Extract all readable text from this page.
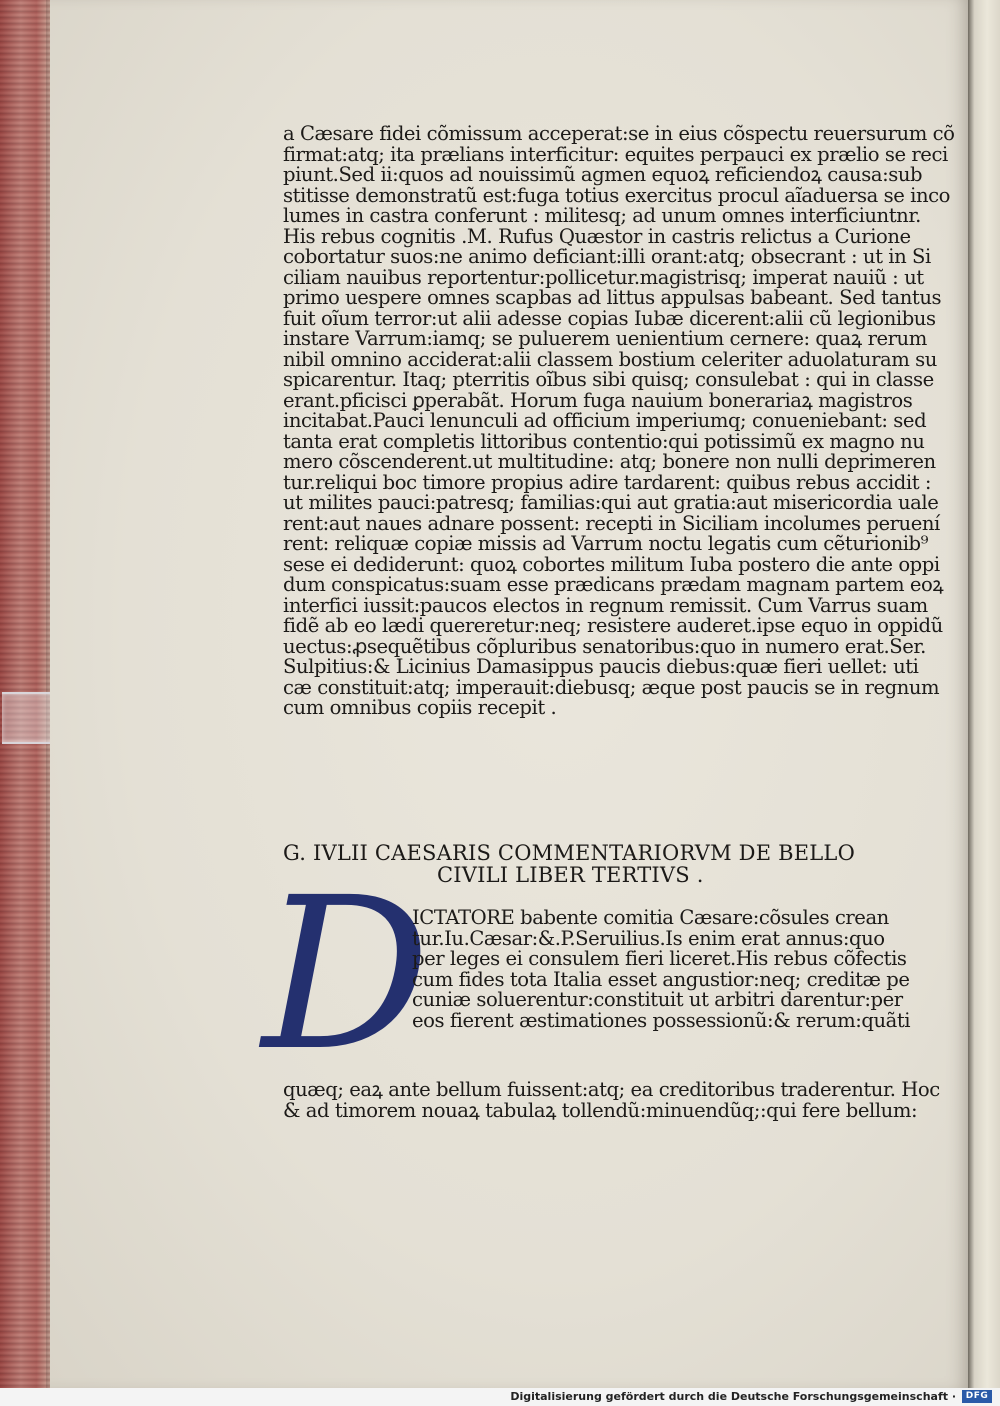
a Cæsare fidei cõmissum acceperat:se in eius cõspectu reuersurum cõ
firmat:atq; ita prælians interficitur: equites perpauci ex prælio se reci
piunt.Sed ii:quos ad nouissimũ agmen equoꝝ reficiendoꝝ causa:sub
stitisse demonstratũ est:fuga totius exercitus procul aĩaduersa se inco
lumes in castra conferunt : militesq; ad unum omnes interficiuntnr.
His rebus cognitis .M. Rufus Quæstor in castris relictus a Curione
cobortatur suos:ne animo deficiant:illi orant:atq; obsecrant : ut in Si
ciliam nauibus reportentur:pollicetur.magistrisq; imperat nauiũ : ut
primo uespere omnes scapbas ad littus appulsas babeant. Sed tantus
fuit oĩum terror:ut alii adesse copias Iubæ dicerent:alii cũ legionibus
instare Varrum:iamq; se puluerem uenientium cernere: quaꝝ rerum
nibil omnino acciderat:alii classem bostium celeriter aduolaturam su
spicarentur. Itaq; pterritis oĩbus sibi quisq; consulebat : qui in classe
erant.pficisci ꝑperabãt. Horum fuga nauium bonerariaꝝ magistros
incitabat.Pauci lenunculi ad officium imperiumq; conueniebant: sed
tanta erat completis littoribus contentio:qui potissimũ ex magno nu
mero cõscenderent.ut multitudine: atq; bonere non nulli deprimeren
tur.reliqui boc timore propius adire tardarent: quibus rebus accidit :
ut milites pauci:patresq; familias:qui aut gratia:aut misericordia uale
rent:aut naues adnare possent: recepti in Siciliam incolumes peruení
rent: reliquæ copiæ missis ad Varrum noctu legatis cum cẽturionib⁹
sese ei dediderunt: quoꝝ cobortes militum Iuba postero die ante oppi
dum conspicatus:suam esse prædicans prædam magnam partem eoꝝ
interfici iussit:paucos electos in regnum remissit. Cum Varrus suam
fidẽ ab eo lædi quereretur:neq; resistere auderet.ipse equo in oppidũ
uectus:ꝓsequẽtibus cõpluribus senatoribus:quo in numero erat.Ser.
Sulpitius:& Licinius Damasippus paucis diebus:quæ fieri uellet: uti
cæ constituit:atq; imperauit:diebusq; æque post paucis se in regnum
cum omnibus copiis recepit .
G. IVLII CAESARIS COMMENTARIORVM DE BELLO
CIVILI LIBER TERTIVS .
D
ICTATORE babente comitia Cæsare:cõsules crean
tur.Iu.Cæsar:&.P.Seruilius.Is enim erat annus:quo
per leges ei consulem fieri liceret.His rebus cõfectis
cum fides tota Italia esset angustior:neq; creditæ pe
cuniæ soluerentur:constituit ut arbitri darentur:per
eos fierent æstimationes possessionũ:& rerum:quãti
quæq; eaꝝ ante bellum fuissent:atq; ea creditoribus traderentur. Hoc
& ad timorem nouaꝝ tabulaꝝ tollendũ:minuendũq;:qui fere bellum:
Digitalisierung gefördert durch die Deutsche Forschungsgemeinschaft ·	DFG
